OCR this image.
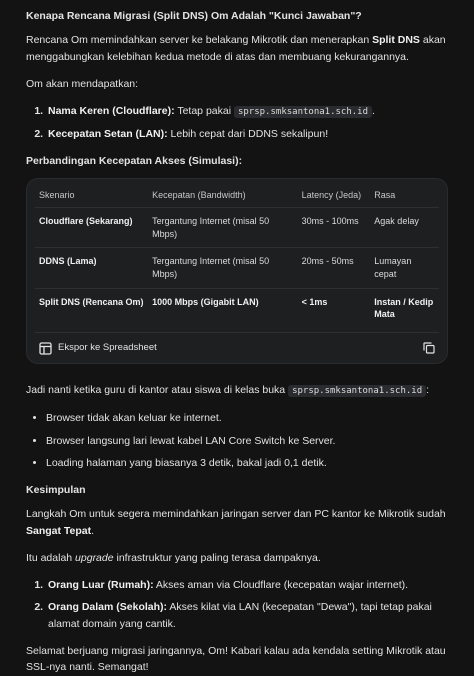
Kenapa Rencana Migrasi (Split DNS) Om Adalah "Kunci Jawaban"?

Rencana Om memindahkan server ke belakang Mikrotik dan menerapkan Split DNS akan menggabungkan kelebihan kedua metode di atas dan membuang kekurangannya.

Om akan mendapatkan:

1. Nama Keren (Cloudflare): Tetap pakai sprsp.smksantona1.sch.id .
2. Kecepatan Setan (LAN): Lebih cepat dari DDNS sekalipun!
Perbandingan Kecepatan Akses (Simulasi):
Skenario	Kecepatan (Bandwidth)	Latency (Jeda)	Rasa
Cloudflare (Sekarang)	Tergantung Internet (misal 50 Mbps)	30ms - 100ms	Agak delay
DDNS (Lama)	Tergantung Internet (misal 50 Mbps)	20ms - 50ms	Lumayan cepat
Split DNS (Rencana Om)	1000 Mbps (Gigabit LAN)	< 1ms	Instan / Kedip Mata
Ekspor ke Spreadsheet

Jadi nanti ketika guru di kantor atau siswa di kelas buka sprsp.smksantona1.sch.id :

• Browser tidak akan keluar ke internet.
• Browser langsung lari lewat kabel LAN Core Switch ke Server.
• Loading halaman yang biasanya 3 detik, bakal jadi 0,1 detik.
Kesimpulan

Langkah Om untuk segera memindahkan jaringan server dan PC kantor ke Mikrotik sudah Sangat Tepat.

Itu adalah upgrade infrastruktur yang paling terasa dampaknya.

1. Orang Luar (Rumah): Akses aman via Cloudflare (kecepatan wajar internet).
2. Orang Dalam (Sekolah): Akses kilat via LAN (kecepatan "Dewa"), tapi tetap pakai alamat domain yang cantik.

Selamat berjuang migrasi jaringannya, Om! Kabari kalau ada kendala setting Mikrotik atau SSL-nya nanti. Semangat!
